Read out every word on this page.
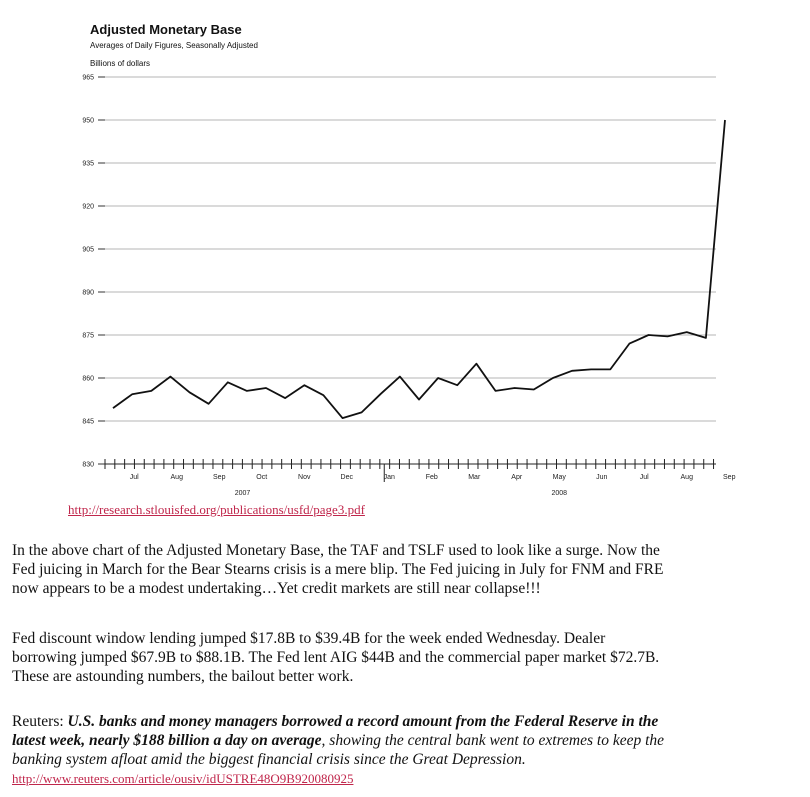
Adjusted Monetary Base
Averages of Daily Figures, Seasonally Adjusted
Billions of dollars
830
845
860
875
890
905
920
935
950
965
Jul	Aug	Sep	Oct	Nov	Dec	Jan	Feb	Mar	Apr	May	Jun	Jul	Aug	Sep
2007	2008
http://research.stlouisfed.org/publications/usfd/page3.pdf

In the above chart of the Adjusted Monetary Base, the TAF and TSLF used to look like a surge. Now the
Fed juicing in March for the Bear Stearns crisis is a mere blip. The Fed juicing in July for FNM and FRE
now appears to be a modest undertaking…Yet credit markets are still near collapse!!!

Fed discount window lending jumped $17.8B to $39.4B for the week ended Wednesday. Dealer
borrowing jumped $67.9B to $88.1B. The Fed lent AIG $44B and the commercial paper market $72.7B.
These are astounding numbers, the bailout better work.

Reuters: U.S. banks and money managers borrowed a record amount from the Federal Reserve in the
latest week, nearly $188 billion a day on average, showing the central bank went to extremes to keep the
banking system afloat amid the biggest financial crisis since the Great Depression.
http://www.reuters.com/article/ousiv/idUSTRE48O9B920080925
